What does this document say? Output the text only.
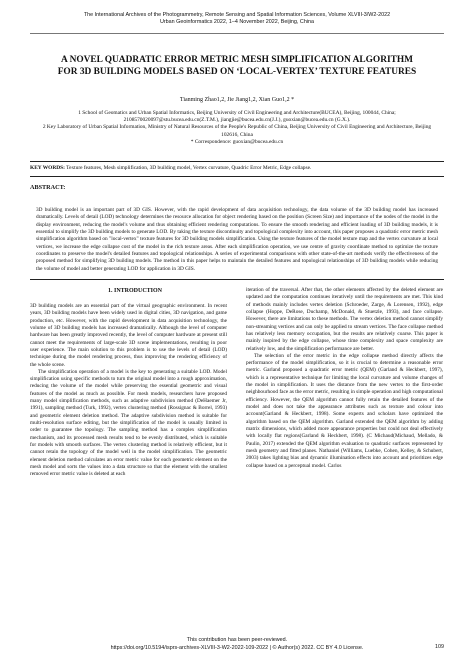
The International Archives of the Photogrammetry, Remote Sensing and Spatial Information Sciences, Volume XLVIII-3/W2-2022
Urban Geoinformatics 2022, 1–4 November 2022, Beijing, China
A NOVEL QUADRATIC ERROR METRIC MESH SIMPLIFICATION ALGORITHM
FOR 3D BUILDING MODELS BASED ON ‘LOCAL-VERTEX’ TEXTURE FEATURES
Tianming Zhao1,2, Jie Jiang1,2, Xian Guo1,2 *

1 School of Geomatics and Urban Spatial Informatics, Beijing University of Civil Engineering and Architecture(BUCEA), Beijing, 100044, China; 2108570020097@stu.bucea.edu.cn(Z.T.M.), jiangjie@bucea.edu.cn(J.J.), guoxian@bucea.edu.cn (G.X.).

2 Key Laboratory of Urban Spatial Information, Ministry of Natural Resources of the People's Republic of China, Beijing University of Civil Engineering and Architecture, Beijing 102616, China

* Correspondence: guoxian@bucea.edu.cn

KEY WORDS: Texture features, Mesh simplification, 3D building model, Vertex curvature, Quadric Error Metric, Edge collapse.
ABSTRACT:
3D building model is an important part of 3D GIS. However, with the rapid development of data acquisition technology, the data volume of the 3D building model has increased dramatically. Levels of detail (LOD) technology determines the resource allocation for object rendering based on the position (Screen Size) and importance of the nodes of the model in the display environment, reducing the model's volume and thus obtaining efficient rendering computations. To ensure the smooth rendering and efficient loading of 3D building models, it is essential to simplify the 3D building models to generate LOD. By taking the texture discontinuity and topological complexity into account, this paper proposes a quadratic error metric mesh simplification algorithm based on "local-vertex" texture features for 3D building models simplification. Using the texture features of the model texture map and the vertex curvature at local vertices, we increase the edge collapse cost of the model in the rich texture areas. After each simplification operation, we use centre of gravity coordinate method to optimize the texture coordinates to preserve the model's detailed features and topological relationships. A series of experimental comparisons with other state-of-the-art methods verify the effectiveness of the proposed method for simplifying 3D building models. The method in this paper helps to maintain the detailed features and topological relationships of 3D building models while reducing the volume of model and better generating LOD for application in 3D GIS.
1. INTRODUCTION

3D building models are an essential part of the virtual geographic environment. In recent years, 3D building models have been widely used in digital cities, 3D navigation, and game production, etc. However, with the rapid development in data acquisition technology, the volume of 3D building models has increased dramatically. Although the level of computer hardware has been greatly improved recently, the level of computer hardware at present still cannot meet the requirements of large-scale 3D scene implementations, resulting in poor user experience. The main solution to this problem is to use the levels of detail (LOD) technique during the model rendering process, thus improving the rendering efficiency of the whole scene.

The simplification operation of a model is the key to generating a suitable LOD. Model simplification using specific methods to turn the original model into a rough approximation, reducing the volume of the model while preserving the essential geometric and visual features of the model as much as possible. For mesh models, researchers have proposed many model simplification methods, such as adaptive subdivision method (DeHaemer Jr, 1991), sampling method (Turk, 1992), vertex clustering method (Rossignac & Borrel, 1993) and geometric element deletion method. The adaptive subdivision method is suitable for multi-resolution surface editing, but the simplification of the model is usually limited in order to guarantee the topology. The sampling method has a complex simplification mechanism, and its processed mesh results tend to be evenly distributed, which is suitable for models with smooth surfaces. The vertex clustering method is relatively efficient, but it cannot retain the topology of the model well in the model simplification. The geometric element deletion method calculates an error metric value for each geometric element on the mesh model and sorts the values into a data structure so that the element with the smallest removed error metric value is deleted at each

iteration of the traversal. After that, the other elements affected by the deleted element are updated and the computation continues iteratively until the requirements are met. This kind of methods mainly includes vertex deletion (Schroeder, Zarge, & Lorensen, 1992), edge collapse (Hoppe, DeRose, Duchamp, McDonald, & Stuetzle, 1993), and face collapse. However, there are limitations to these methods. The vertex deletion method cannot simplify non-streaming vertices and can only be applied to stream vertices. The face collapse method has relatively less memory occupation, but the results are relatively coarse. This paper is mainly inspired by the edge collapse, whose time complexity and space complexity are relatively low, and the simplification performance are better.

The selection of the error metric in the edge collapse method directly affects the performance of the model simplification, so it is crucial to determine a reasonable error metric. Garland proposed a quadratic error metric (QEM) (Garland & Heckbert, 1997), which is a representative technique for limiting the local curvature and volume changes of the model in simplification. It uses the distance from the new vertex to the first-order neighbourhood face as the error metric, resulting in simple operation and high computational efficiency. However, the QEM algorithm cannot fully retain the detailed features of the model and does not take the appearance attributes such as texture and colour into account(Garland & Heckbert, 1998). Some experts and scholars have optimized the algorithm based on the QEM algorithm. Garland extended the QEM algorithm by adding matrix dimensions, which added more appearance properties but could not deal effectively with locally flat regions(Garland & Heckbert, 1998). (C Michaud(Michaud, Mellado, & Paulin, 2017) extended the QEM algorithm evaluation to quadratic surfaces represented by mesh geometry and fitted planes. Nathaniel (Williams, Luebke, Cohen, Kelley, & Schubert, 2003) takes lighting bias and dynamic illumination effects into account and prioritizes edge collapse based on a perceptual model. Carlos

This contribution has been peer-reviewed.
https://doi.org/10.5194/isprs-archives-XLVIII-3-W2-2022-109-2022 | © Author(s) 2022. CC BY 4.0 License.	109
